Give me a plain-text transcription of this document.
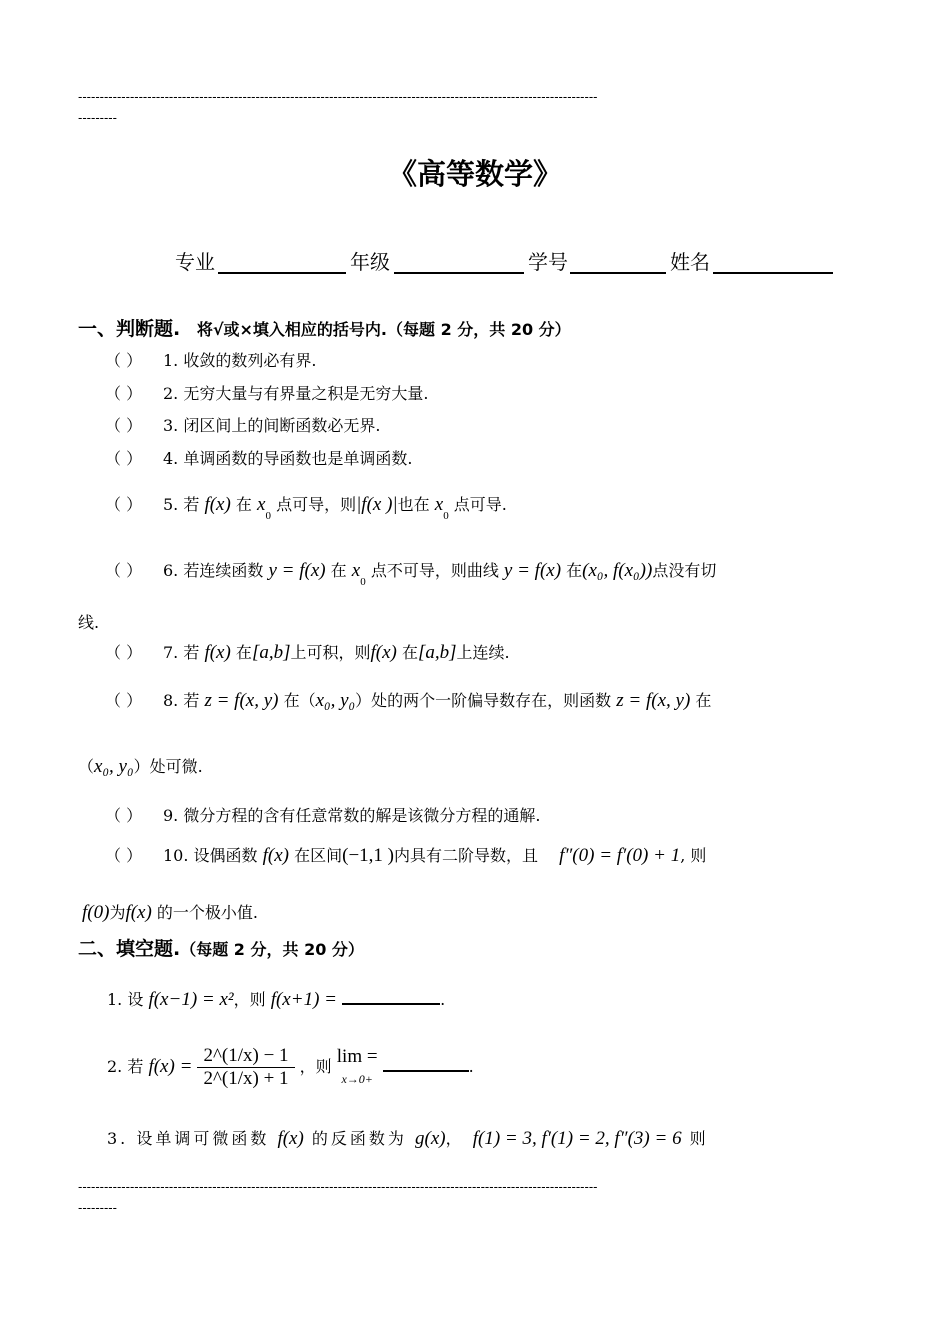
------------------------------------------------------------------------------------------------------------------------
---------
《高等数学》
专业	年级	学号	姓名
一、判断题. 将√或×填入相应的括号内.（每题 2 分，共 20 分）
（ ） 1. 收敛的数列必有界.
（ ） 2. 无穷大量与有界量之积是无穷大量.
（ ） 3. 闭区间上的间断函数必无界.
（ ） 4. 单调函数的导函数也是单调函数.
（ ） 5. 若 f(x) 在 $x_0$ 点可导，则|f(x )|也在 $x_0$ 点可导.
（ ） 6. 若连续函数 y = f(x) 在 $x_0$ 点不可导，则曲线 y = f(x) 在(x₀, f(x₀))点没有切
线.
（ ） 7. 若 f(x) 在[a,b]上可积，则f(x) 在[a,b]上连续.
（ ） 8. 若 z = f(x, y) 在（x₀, y₀）处的两个一阶偏导数存在，则函数 z = f(x, y) 在
（x₀, y₀）处可微.
（ ） 9. 微分方程的含有任意常数的解是该微分方程的通解.
（ ） 10. 设偶函数 f(x) 在区间(−1,1 )内具有二阶导数，且 f″(0) = f′(0) + 1, 则
f(0)为f(x) 的一个极小值.
二、填空题.（每题 2 分，共 20 分）
1. 设 f(x−1) = x²，则 f(x+1) =	.
2. 若 $f(x) = \frac{2\^{}(1/x) - 1}{2\^{}(1/x) + 1}$ ，则 lim =
x→0+
.
3. 设单调可微函数 f(x) 的反函数为 g(x)， f(1) = 3, f′(1) = 2, f″(3) = 6 则
------------------------------------------------------------------------------------------------------------------------
---------
